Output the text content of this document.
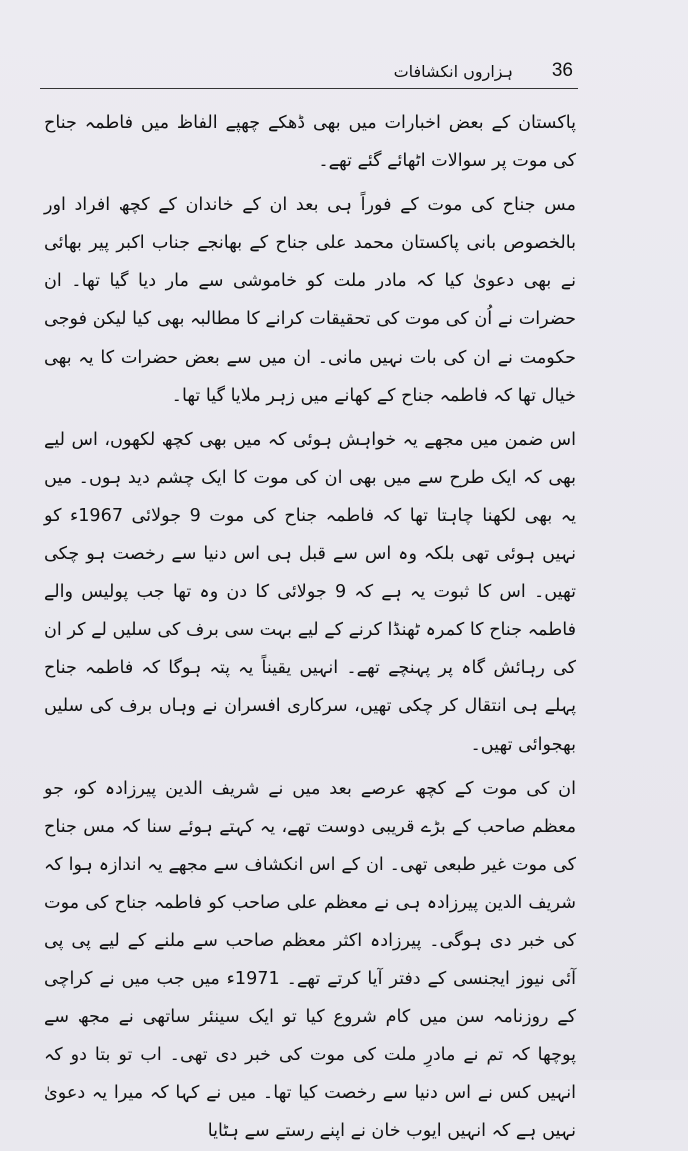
36
ہزاروں انکشافات

پاکستان کے بعض اخبارات میں بھی ڈھکے چھپے الفاظ میں فاطمہ جناح کی موت پر سوالات اٹھائے گئے تھے۔

مس جناح کی موت کے فوراً ہی بعد ان کے خاندان کے کچھ افراد اور بالخصوص بانی پاکستان محمد علی جناح کے بھانجے جناب اکبر پیر بھائی نے بھی دعویٰ کیا کہ مادر ملت کو خاموشی سے مار دیا گیا تھا۔ ان حضرات نے اُن کی موت کی تحقیقات کرانے کا مطالبہ بھی کیا لیکن فوجی حکومت نے ان کی بات نہیں مانی۔ ان میں سے بعض حضرات کا یہ بھی خیال تھا کہ فاطمہ جناح کے کھانے میں زہر ملایا گیا تھا۔

اس ضمن میں مجھے یہ خواہش ہوئی کہ میں بھی کچھ لکھوں، اس لیے بھی کہ ایک طرح سے میں بھی ان کی موت کا ایک چشم دید ہوں۔ میں یہ بھی لکھنا چاہتا تھا کہ فاطمہ جناح کی موت 9 جولائی 1967ء کو نہیں ہوئی تھی بلکہ وہ اس سے قبل ہی اس دنیا سے رخصت ہو چکی تھیں۔ اس کا ثبوت یہ ہے کہ 9 جولائی کا دن وہ تھا جب پولیس والے فاطمہ جناح کا کمرہ ٹھنڈا کرنے کے لیے بہت سی برف کی سلیں لے کر ان کی رہائش گاہ پر پہنچے تھے۔ انہیں یقیناً یہ پتہ ہوگا کہ فاطمہ جناح پہلے ہی انتقال کر چکی تھیں، سرکاری افسران نے وہاں برف کی سلیں بھجوائی تھیں۔

ان کی موت کے کچھ عرصے بعد میں نے شریف الدین پیرزادہ کو، جو معظم صاحب کے بڑے قریبی دوست تھے، یہ کہتے ہوئے سنا کہ مس جناح کی موت غیر طبعی تھی۔ ان کے اس انکشاف سے مجھے یہ اندازہ ہوا کہ شریف الدین پیرزادہ ہی نے معظم علی صاحب کو فاطمہ جناح کی موت کی خبر دی ہوگی۔ پیرزادہ اکثر معظم صاحب سے ملنے کے لیے پی پی آئی نیوز ایجنسی کے دفتر آیا کرتے تھے۔ 1971ء میں جب میں نے کراچی کے روزنامہ سن میں کام شروع کیا تو ایک سینئر ساتھی نے مجھ سے پوچھا کہ تم نے مادرِ ملت کی موت کی خبر دی تھی۔ اب تو بتا دو کہ انہیں کس نے اس دنیا سے رخصت کیا تھا۔ میں نے کہا کہ میرا یہ دعویٰ نہیں ہے کہ انہیں ایوب خان نے اپنے رستے سے ہٹایا
